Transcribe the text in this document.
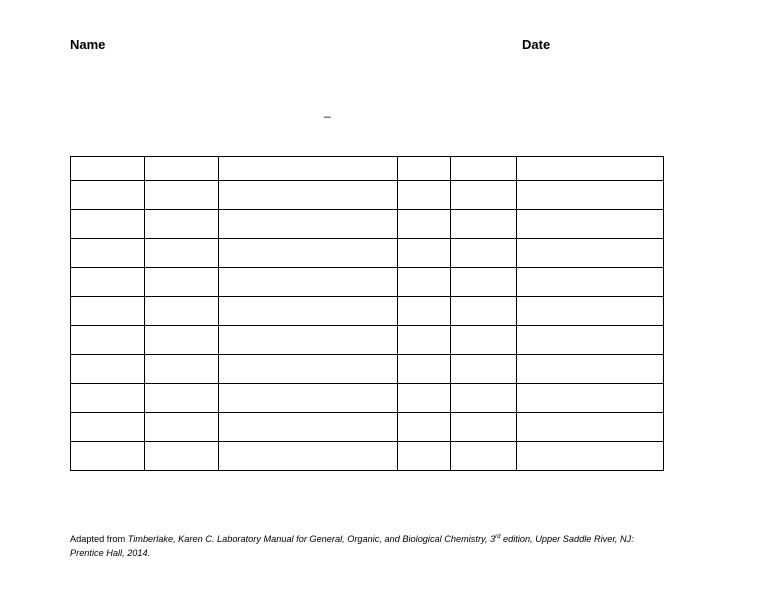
Name	Date
_

Adapted from Timberlake, Karen C. Laboratory Manual for General, Organic, and Biological Chemistry, 3rd edition, Upper Saddle River, NJ: Prentice Hall, 2014.
